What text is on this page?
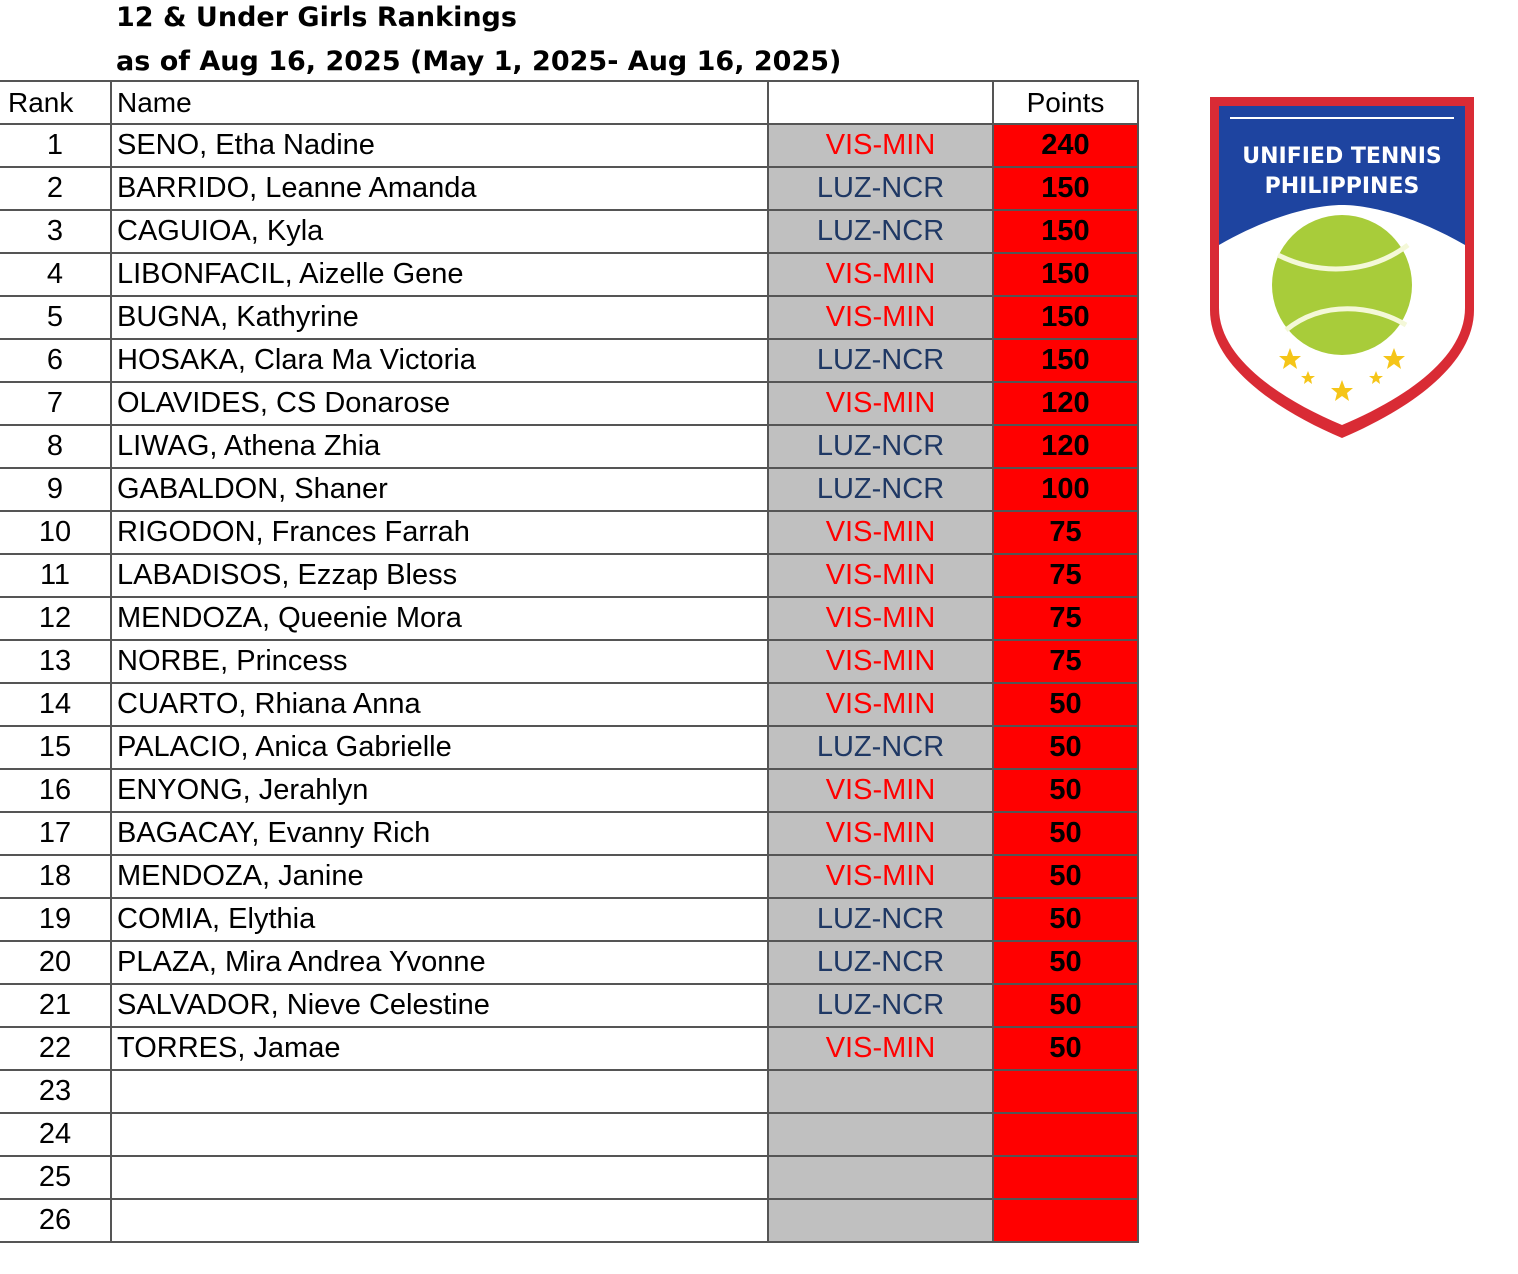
12 & Under Girls Rankings
as of Aug 16, 2025 (May 1, 2025- Aug 16, 2025)
Rank	Name		Points
1	SENO, Etha Nadine	VIS-MIN	240
2	BARRIDO, Leanne Amanda	LUZ-NCR	150
3	CAGUIOA, Kyla	LUZ-NCR	150
4	LIBONFACIL, Aizelle Gene	VIS-MIN	150
5	BUGNA, Kathyrine	VIS-MIN	150
6	HOSAKA, Clara Ma Victoria	LUZ-NCR	150
7	OLAVIDES, CS Donarose	VIS-MIN	120
8	LIWAG, Athena Zhia	LUZ-NCR	120
9	GABALDON, Shaner	LUZ-NCR	100
10	RIGODON, Frances Farrah	VIS-MIN	75
11	LABADISOS, Ezzap Bless	VIS-MIN	75
12	MENDOZA, Queenie Mora	VIS-MIN	75
13	NORBE, Princess	VIS-MIN	75
14	CUARTO, Rhiana Anna	VIS-MIN	50
15	PALACIO, Anica Gabrielle	LUZ-NCR	50
16	ENYONG, Jerahlyn	VIS-MIN	50
17	BAGACAY, Evanny Rich	VIS-MIN	50
18	MENDOZA, Janine	VIS-MIN	50
19	COMIA, Elythia	LUZ-NCR	50
20	PLAZA, Mira Andrea Yvonne	LUZ-NCR	50
21	SALVADOR, Nieve Celestine	LUZ-NCR	50
22	TORRES, Jamae	VIS-MIN	50
23			
24			
25			
26			
UNIFIED TENNIS
PHILIPPINES
